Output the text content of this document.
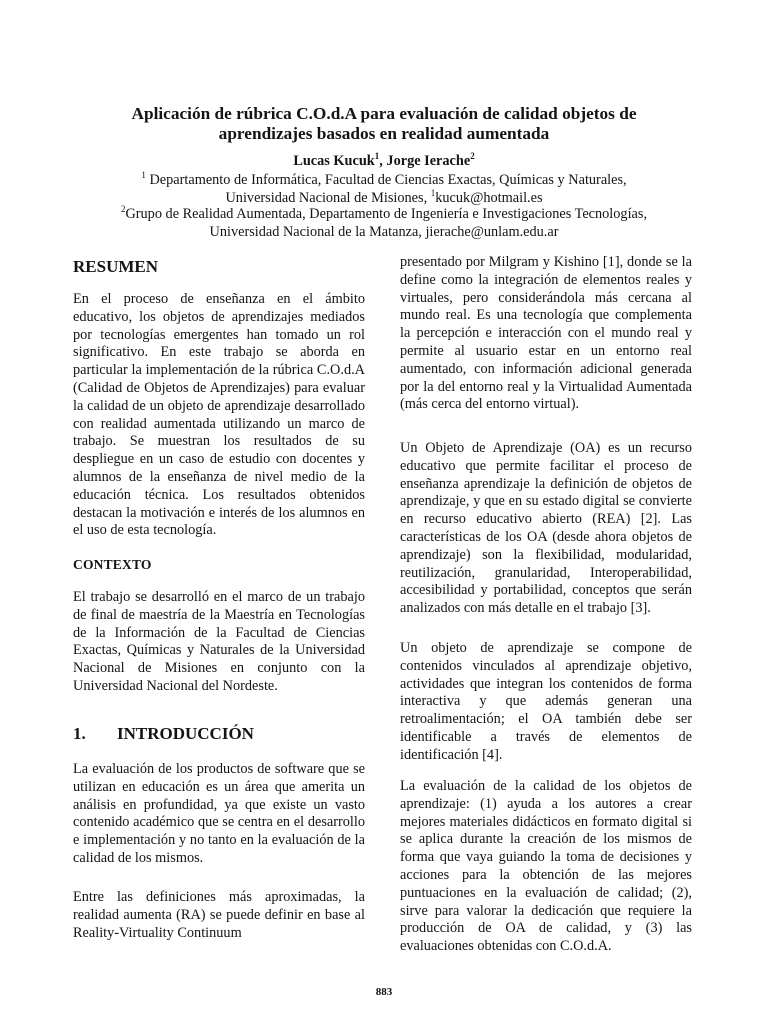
Aplicación de rúbrica C.O.d.A para evaluación de calidad objetos de
aprendizajes basados en realidad aumentada

Lucas Kucuk$^1$, Jorge Ierache$^2$

$^1$ Departamento de Informática, Facultad de Ciencias Exactas, Químicas y Naturales,
Universidad Nacional de Misiones, $^1$kucuk@hotmail.es

$^2$Grupo de Realidad Aumentada, Departamento de Ingeniería e Investigaciones Tecnologías,
Universidad Nacional de la Matanza, jierache@unlam.edu.ar

RESUMEN

En el proceso de enseñanza en el ámbito educativo, los objetos de aprendizajes mediados por tecnologías emergentes han tomado un rol significativo. En este trabajo se aborda en particular la implementación de la rúbrica C.O.d.A (Calidad de Objetos de Aprendizajes) para evaluar la calidad de un objeto de aprendizaje desarrollado con realidad aumentada utilizando un marco de trabajo. Se muestran los resultados de su despliegue en un caso de estudio con docentes y alumnos de la enseñanza de nivel medio de la educación técnica. Los resultados obtenidos destacan la motivación e interés de los alumnos en el uso de esta tecnología.

CONTEXTO

El trabajo se desarrolló en el marco de un trabajo de final de maestría de la Maestría en Tecnologías de la Información de la Facultad de Ciencias Exactas, Químicas y Naturales de la Universidad Nacional de Misiones en conjunto con la Universidad Nacional del Nordeste.

1. INTRODUCCIÓN

La evaluación de los productos de software que se utilizan en educación es un área que amerita un análisis en profundidad, ya que existe un vasto contenido académico que se centra en el desarrollo e implementación y no tanto en la evaluación de la calidad de los mismos.

Entre las definiciones más aproximadas, la realidad aumenta (RA) se puede definir en base al Reality-Virtuality Continuum

presentado por Milgram y Kishino [1], donde se la define como la integración de elementos reales y virtuales, pero considerándola más cercana al mundo real. Es una tecnología que complementa la percepción e interacción con el mundo real y permite al usuario estar en un entorno real aumentado, con información adicional generada por la del entorno real y la Virtualidad Aumentada (más cerca del entorno virtual).

Un Objeto de Aprendizaje (OA) es un recurso educativo que permite facilitar el proceso de enseñanza aprendizaje la definición de objetos de aprendizaje, y que en su estado digital se convierte en recurso educativo abierto (REA) [2]. Las características de los OA (desde ahora objetos de aprendizaje) son la flexibilidad, modularidad, reutilización, granularidad, Interoperabilidad, accesibilidad y portabilidad, conceptos que serán analizados con más detalle en el trabajo [3].

Un objeto de aprendizaje se compone de contenidos vinculados al aprendizaje objetivo, actividades que integran los contenidos de forma interactiva y que además generan una retroalimentación; el OA también debe ser identificable a través de elementos de identificación [4].

La evaluación de la calidad de los objetos de aprendizaje: (1) ayuda a los autores a crear mejores materiales didácticos en formato digital si se aplica durante la creación de los mismos de forma que vaya guiando la toma de decisiones y acciones para la obtención de las mejores puntuaciones en la evaluación de calidad; (2), sirve para valorar la dedicación que requiere la producción de OA de calidad, y (3) las evaluaciones obtenidas con C.O.d.A.

883
